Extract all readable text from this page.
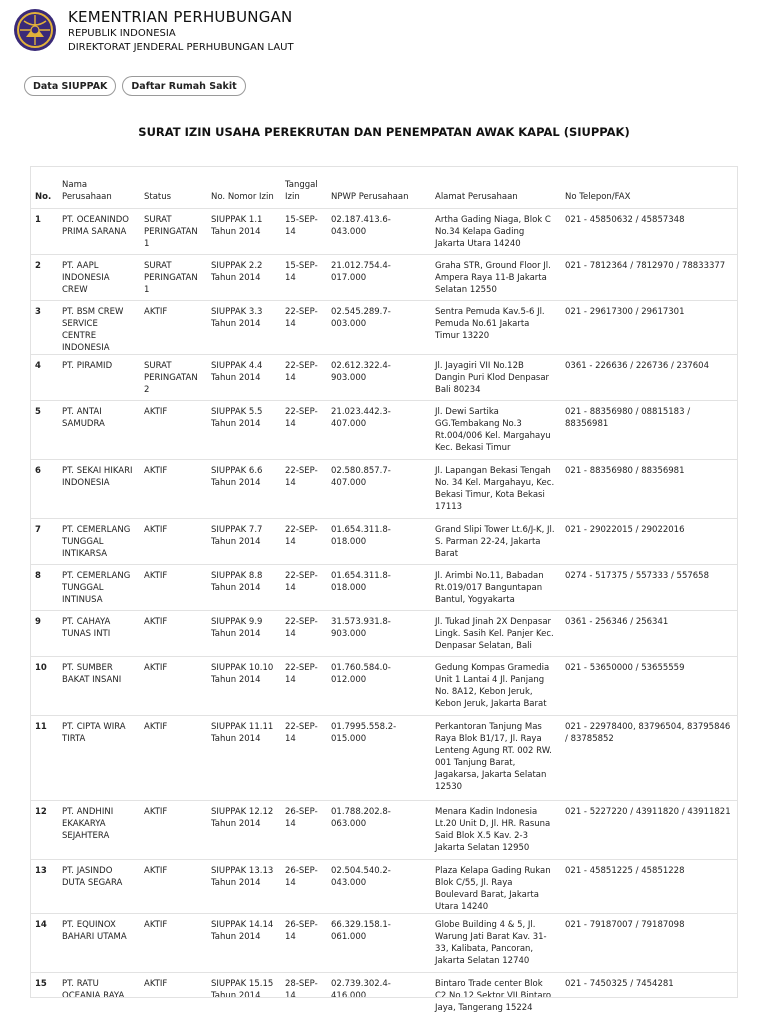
KEMENTRIAN PERHUBUNGAN
REPUBLIK INDONESIA
DIREKTORAT JENDERAL PERHUBUNGAN LAUT
Data SIUPPAK	Daftar Rumah Sakit
SURAT IZIN USAHA PEREKRUTAN DAN PENEMPATAN AWAK KAPAL (SIUPPAK)
No.	Nama Perusahaan	Status	No. Nomor Izin	Tanggal Izin	NPWP Perusahaan	Alamat Perusahaan	No Telepon/FAX
1	PT. OCEANINDO PRIMA SARANA	SURAT PERINGATAN 1	SIUPPAK 1.1 Tahun 2014	15-SEP-14	02.187.413.6-043.000	Artha Gading Niaga, Blok C No.34 Kelapa Gading Jakarta Utara 14240	021 - 45850632 / 45857348
2	PT. AAPL INDONESIA CREW	SURAT PERINGATAN 1	SIUPPAK 2.2 Tahun 2014	15-SEP-14	21.012.754.4-017.000	Graha STR, Ground Floor Jl. Ampera Raya 11-B Jakarta Selatan 12550	021 - 7812364 / 7812970 / 78833377
3	PT. BSM CREW SERVICE CENTRE INDONESIA	AKTIF	SIUPPAK 3.3 Tahun 2014	22-SEP-14	02.545.289.7-003.000	Sentra Pemuda Kav.5-6 Jl. Pemuda No.61 Jakarta Timur 13220	021 - 29617300 / 29617301
4	PT. PIRAMID	SURAT PERINGATAN 2	SIUPPAK 4.4 Tahun 2014	22-SEP-14	02.612.322.4-903.000	Jl. Jayagiri VII No.12B Dangin Puri Klod Denpasar Bali 80234	0361 - 226636 / 226736 / 237604
5	PT. ANTAI SAMUDRA	AKTIF	SIUPPAK 5.5 Tahun 2014	22-SEP-14	21.023.442.3-407.000	Jl. Dewi Sartika GG.Tembakang No.3 Rt.004/006 Kel. Margahayu Kec. Bekasi Timur	021 - 88356980 / 08815183 / 88356981
6	PT. SEKAI HIKARI INDONESIA	AKTIF	SIUPPAK 6.6 Tahun 2014	22-SEP-14	02.580.857.7-407.000	Jl. Lapangan Bekasi Tengah No. 34 Kel. Margahayu, Kec. Bekasi Timur, Kota Bekasi 17113	021 - 88356980 / 88356981
7	PT. CEMERLANG TUNGGAL INTIKARSA	AKTIF	SIUPPAK 7.7 Tahun 2014	22-SEP-14	01.654.311.8-018.000	Grand Slipi Tower Lt.6/J-K, Jl. S. Parman 22-24, Jakarta Barat	021 - 29022015 / 29022016
8	PT. CEMERLANG TUNGGAL INTINUSA	AKTIF	SIUPPAK 8.8 Tahun 2014	22-SEP-14	01.654.311.8-018.000	Jl. Arimbi No.11, Babadan Rt.019/017 Banguntapan Bantul, Yogyakarta	0274 - 517375 / 557333 / 557658
9	PT. CAHAYA TUNAS INTI	AKTIF	SIUPPAK 9.9 Tahun 2014	22-SEP-14	31.573.931.8-903.000	Jl. Tukad Jinah 2X Denpasar Lingk. Sasih Kel. Panjer Kec. Denpasar Selatan, Bali	0361 - 256346 / 256341
10	PT. SUMBER BAKAT INSANI	AKTIF	SIUPPAK 10.10 Tahun 2014	22-SEP-14	01.760.584.0-012.000	Gedung Kompas Gramedia Unit 1 Lantai 4 Jl. Panjang No. 8A12, Kebon Jeruk, Kebon Jeruk, Jakarta Barat	021 - 53650000 / 53655559
11	PT. CIPTA WIRA TIRTA	AKTIF	SIUPPAK 11.11 Tahun 2014	22-SEP-14	01.7995.558.2-015.000	Perkantoran Tanjung Mas Raya Blok B1/17, Jl. Raya Lenteng Agung RT. 002 RW. 001 Tanjung Barat, Jagakarsa, Jakarta Selatan 12530	021 - 22978400, 83796504, 83795846 / 83785852
12	PT. ANDHINI EKAKARYA SEJAHTERA	AKTIF	SIUPPAK 12.12 Tahun 2014	26-SEP-14	01.788.202.8-063.000	Menara Kadin Indonesia Lt.20 Unit D, Jl. HR. Rasuna Said Blok X.5 Kav. 2-3 Jakarta Selatan 12950	021 - 5227220 / 43911820 / 43911821
13	PT. JASINDO DUTA SEGARA	AKTIF	SIUPPAK 13.13 Tahun 2014	26-SEP-14	02.504.540.2-043.000	Plaza Kelapa Gading Rukan Blok C/55, Jl. Raya Boulevard Barat, Jakarta Utara 14240	021 - 45851225 / 45851228
14	PT. EQUINOX BAHARI UTAMA	AKTIF	SIUPPAK 14.14 Tahun 2014	26-SEP-14	66.329.158.1-061.000	Globe Building 4 & 5, Jl. Warung Jati Barat Kav. 31-33, Kalibata, Pancoran, Jakarta Selatan 12740	021 - 79187007 / 79187098
15	PT. RATU OCEANIA RAYA	AKTIF	SIUPPAK 15.15 Tahun 2014	28-SEP-14	02.739.302.4-416.000	Bintaro Trade center Blok C2 No.12 Sektor VII Bintaro Jaya, Tangerang 15224	021 - 7450325 / 7454281
